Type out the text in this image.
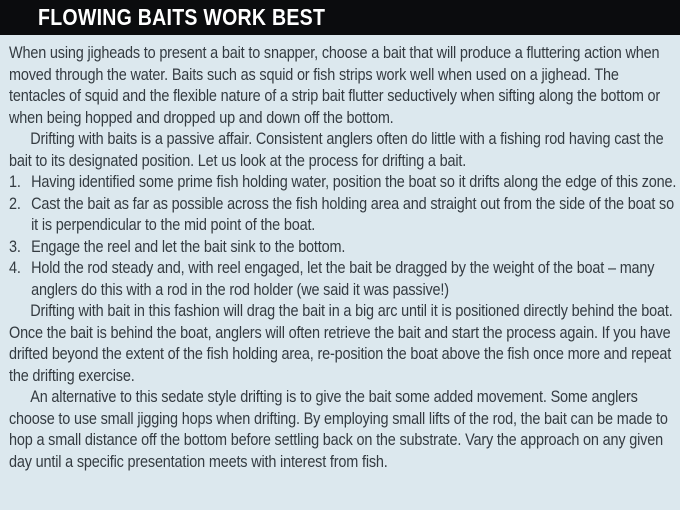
FLOWING BAITS WORK BEST

When using jigheads to present a bait to snapper, choose a bait that will produce a fluttering action when moved through the water. Baits such as squid or fish strips work well when used on a jighead. The tentacles of squid and the flexible nature of a strip bait flutter seductively when sifting along the bottom or when being hopped and dropped up and down off the bottom.

Drifting with baits is a passive affair. Consistent anglers often do little with a fishing rod having cast the bait to its designated position. Let us look at the process for drifting a bait.

1. Having identified some prime fish holding water, position the boat so it drifts along the edge of this zone.

2. Cast the bait as far as possible across the fish holding area and straight out from the side of the boat so it is perpendicular to the mid point of the boat.

3. Engage the reel and let the bait sink to the bottom.

4. Hold the rod steady and, with reel engaged, let the bait be dragged by the weight of the boat – many anglers do this with a rod in the rod holder (we said it was passive!)

Drifting with bait in this fashion will drag the bait in a big arc until it is positioned directly behind the boat. Once the bait is behind the boat, anglers will often retrieve the bait and start the process again. If you have drifted beyond the extent of the fish holding area, re-position the boat above the fish once more and repeat the drifting exercise.

An alternative to this sedate style drifting is to give the bait some added movement. Some anglers choose to use small jigging hops when drifting. By employing small lifts of the rod, the bait can be made to hop a small distance off the bottom before settling back on the substrate. Vary the approach on any given day until a specific presentation meets with interest from fish.
